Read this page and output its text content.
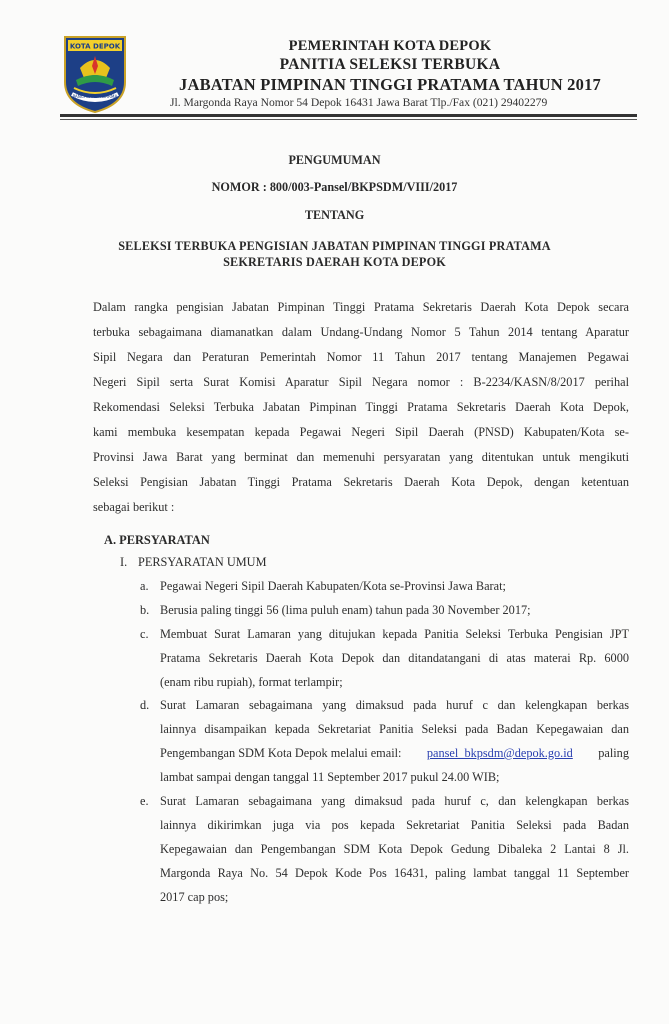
KOTA DEPOK
PANCAKARSA DARMA
PEMERINTAH KOTA DEPOK
PANITIA SELEKSI TERBUKA
JABATAN PIMPINAN TINGGI PRATAMA TAHUN 2017
Jl. Margonda Raya Nomor 54 Depok 16431 Jawa Barat Tlp./Fax (021) 29402279
PENGUMUMAN
NOMOR : 800/003-Pansel/BKPSDM/VIII/2017
TENTANG
SELEKSI TERBUKA PENGISIAN JABATAN PIMPINAN TINGGI PRATAMA
SEKRETARIS DAERAH KOTA DEPOK
Dalam rangka pengisian Jabatan Pimpinan Tinggi Pratama Sekretaris Daerah Kota Depok secara
terbuka sebagaimana diamanatkan dalam Undang-Undang Nomor 5 Tahun 2014 tentang Aparatur
Sipil Negara dan Peraturan Pemerintah Nomor 11 Tahun 2017 tentang Manajemen Pegawai
Negeri Sipil serta Surat Komisi Aparatur Sipil Negara nomor : B-2234/KASN/8/2017 perihal
Rekomendasi Seleksi Terbuka Jabatan Pimpinan Tinggi Pratama Sekretaris Daerah Kota Depok,
kami membuka kesempatan kepada Pegawai Negeri Sipil Daerah (PNSD) Kabupaten/Kota se-
Provinsi Jawa Barat yang berminat dan memenuhi persyaratan yang ditentukan untuk mengikuti
Seleksi Pengisian Jabatan Tinggi Pratama Sekretaris Daerah Kota Depok, dengan ketentuan
sebagai berikut :
A. PERSYARATAN
I. PERSYARATAN UMUM
a. Pegawai Negeri Sipil Daerah Kabupaten/Kota se-Provinsi Jawa Barat;
b. Berusia paling tinggi 56 (lima puluh enam) tahun pada 30 November 2017;
c. Membuat Surat Lamaran yang ditujukan kepada Panitia Seleksi Terbuka Pengisian JPT
Pratama Sekretaris Daerah Kota Depok dan ditandatangani di atas materai Rp. 6000
(enam ribu rupiah), format terlampir;
d. Surat Lamaran sebagaimana yang dimaksud pada huruf c dan kelengkapan berkas
lainnya disampaikan kepada Sekretariat Panitia Seleksi pada Badan Kepegawaian dan
Pengembangan SDM Kota Depok melalui email: pansel_bkpsdm@depok.go.id paling
lambat sampai dengan tanggal 11 September 2017 pukul 24.00 WIB;
e. Surat Lamaran sebagaimana yang dimaksud pada huruf c, dan kelengkapan berkas
lainnya dikirimkan juga via pos kepada Sekretariat Panitia Seleksi pada Badan
Kepegawaian dan Pengembangan SDM Kota Depok Gedung Dibaleka 2 Lantai 8 Jl.
Margonda Raya No. 54 Depok Kode Pos 16431, paling lambat tanggal 11 September
2017 cap pos;
